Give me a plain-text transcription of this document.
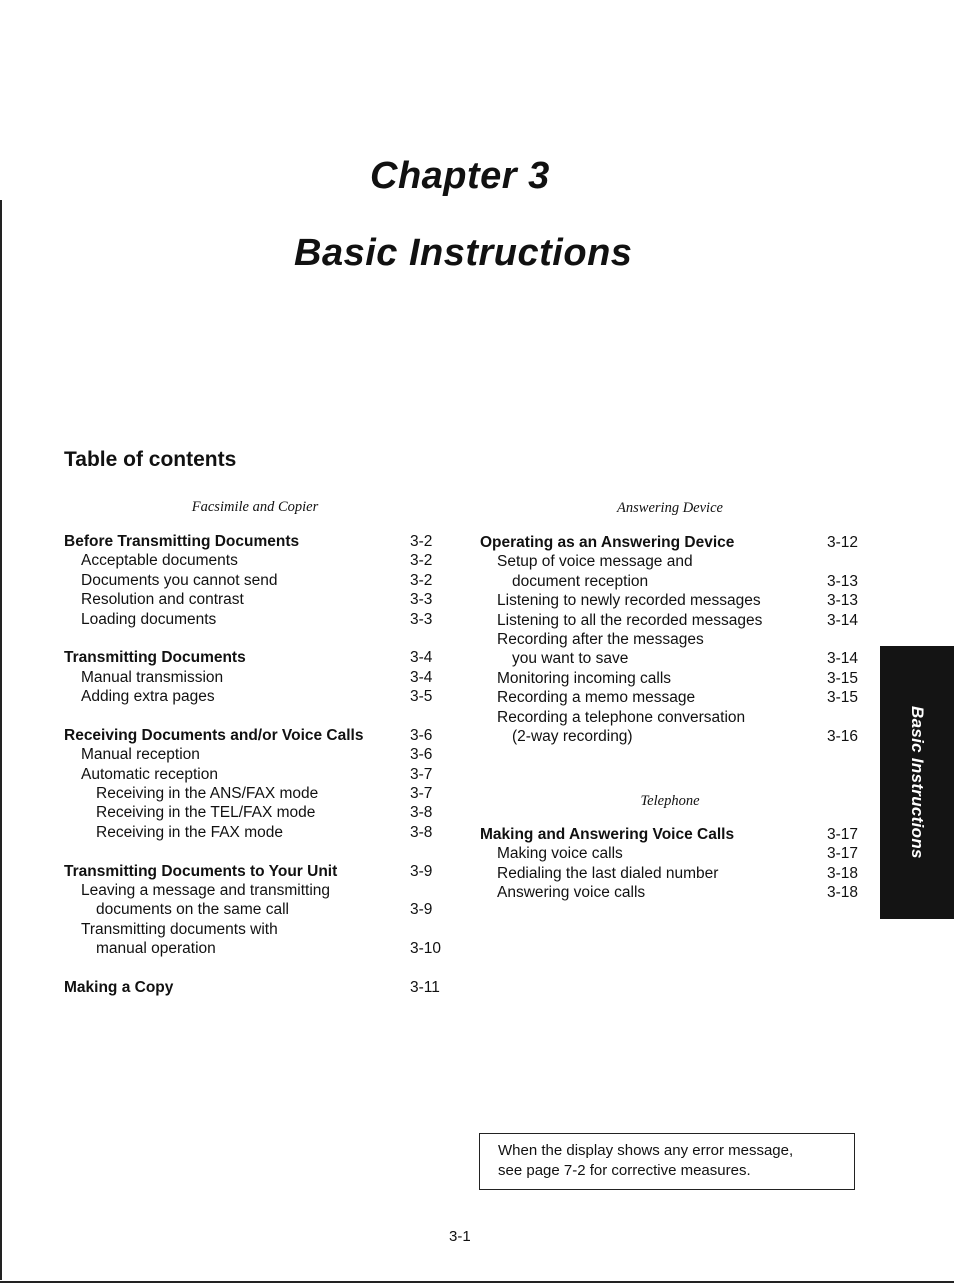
Chapter 3
Basic Instructions
Table of contents
Facsimile and Copier
Before Transmitting Documents	3-2
Acceptable documents	3-2
Documents you cannot send	3-2
Resolution and contrast	3-3
Loading documents	3-3
Transmitting Documents	3-4
Manual transmission	3-4
Adding extra pages	3-5
Receiving Documents and/or Voice Calls	3-6
Manual reception	3-6
Automatic reception	3-7
Receiving in the ANS/FAX mode	3-7
Receiving in the TEL/FAX mode	3-8
Receiving in the FAX mode	3-8
Transmitting Documents to Your Unit	3-9
Leaving a message and transmitting
documents on the same call	3-9
Transmitting documents with
manual operation	3-10
Making a Copy	3-11
Answering Device
Operating as an Answering Device	3-12
Setup of voice message and
document reception	3-13
Listening to newly recorded messages	3-13
Listening to all the recorded messages	3-14
Recording after the messages
you want to save	3-14
Monitoring incoming calls	3-15
Recording a memo message	3-15
Recording a telephone conversation
(2-way recording)	3-16
Telephone
Making and Answering Voice Calls	3-17
Making voice calls	3-17
Redialing the last dialed number	3-18
Answering voice calls	3-18
Basic Instructions
When the display shows any error message,
see page 7-2 for corrective measures.
3-1
